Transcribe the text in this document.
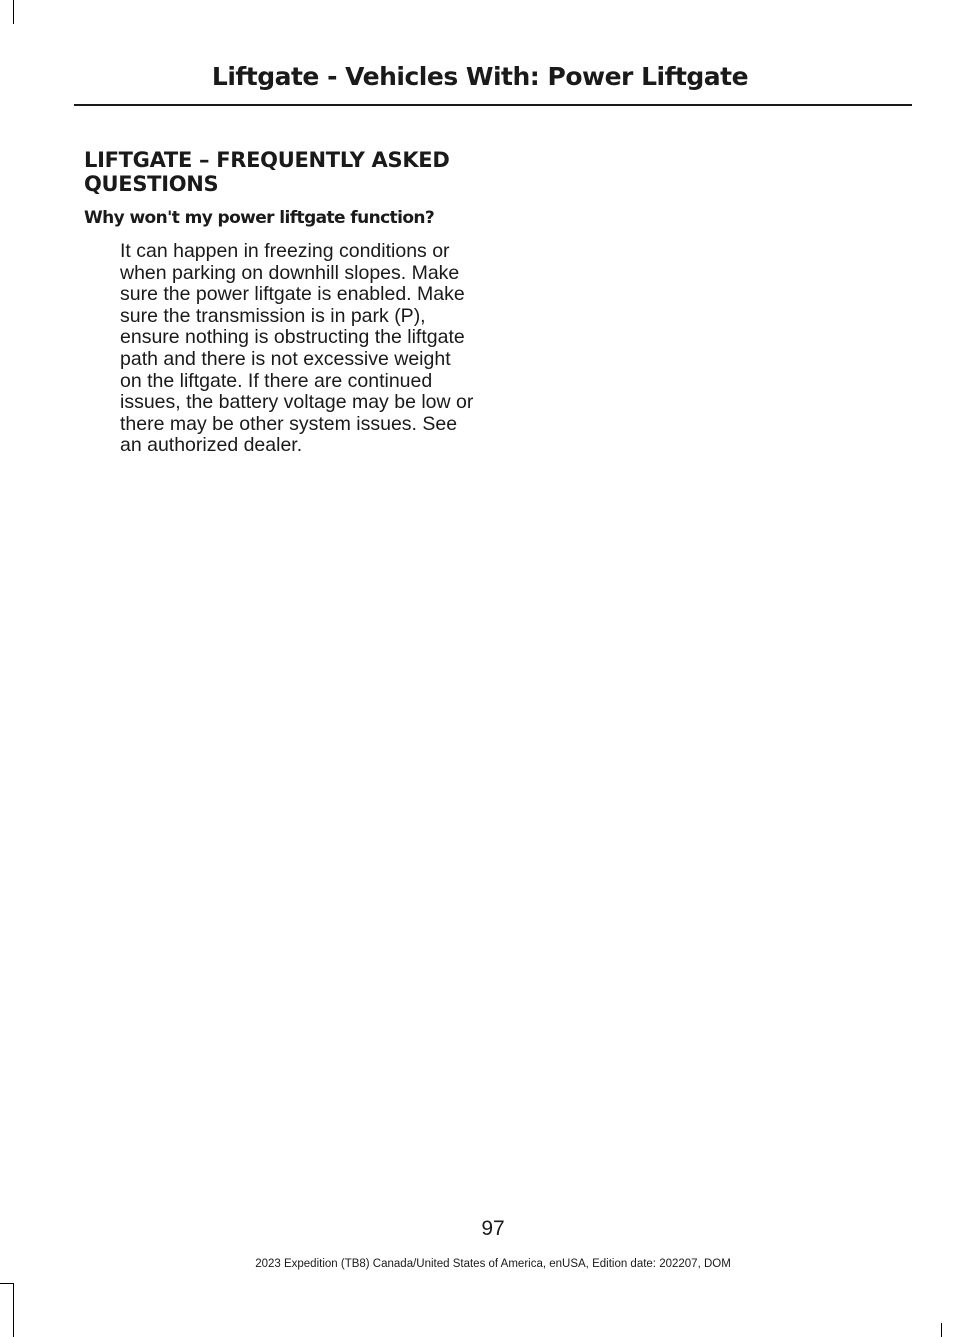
Liftgate - Vehicles With: Power Liftgate
LIFTGATE – FREQUENTLY ASKED QUESTIONS
Why won't my power liftgate function?

It can happen in freezing conditions or when parking on downhill slopes. Make sure the power liftgate is enabled. Make sure the transmission is in park (P), ensure nothing is obstructing the liftgate path and there is not excessive weight on the liftgate. If there are continued issues, the battery voltage may be low or there may be other system issues. See an authorized dealer.

97
2023 Expedition (TB8) Canada/United States of America, enUSA, Edition date: 202207, DOM
